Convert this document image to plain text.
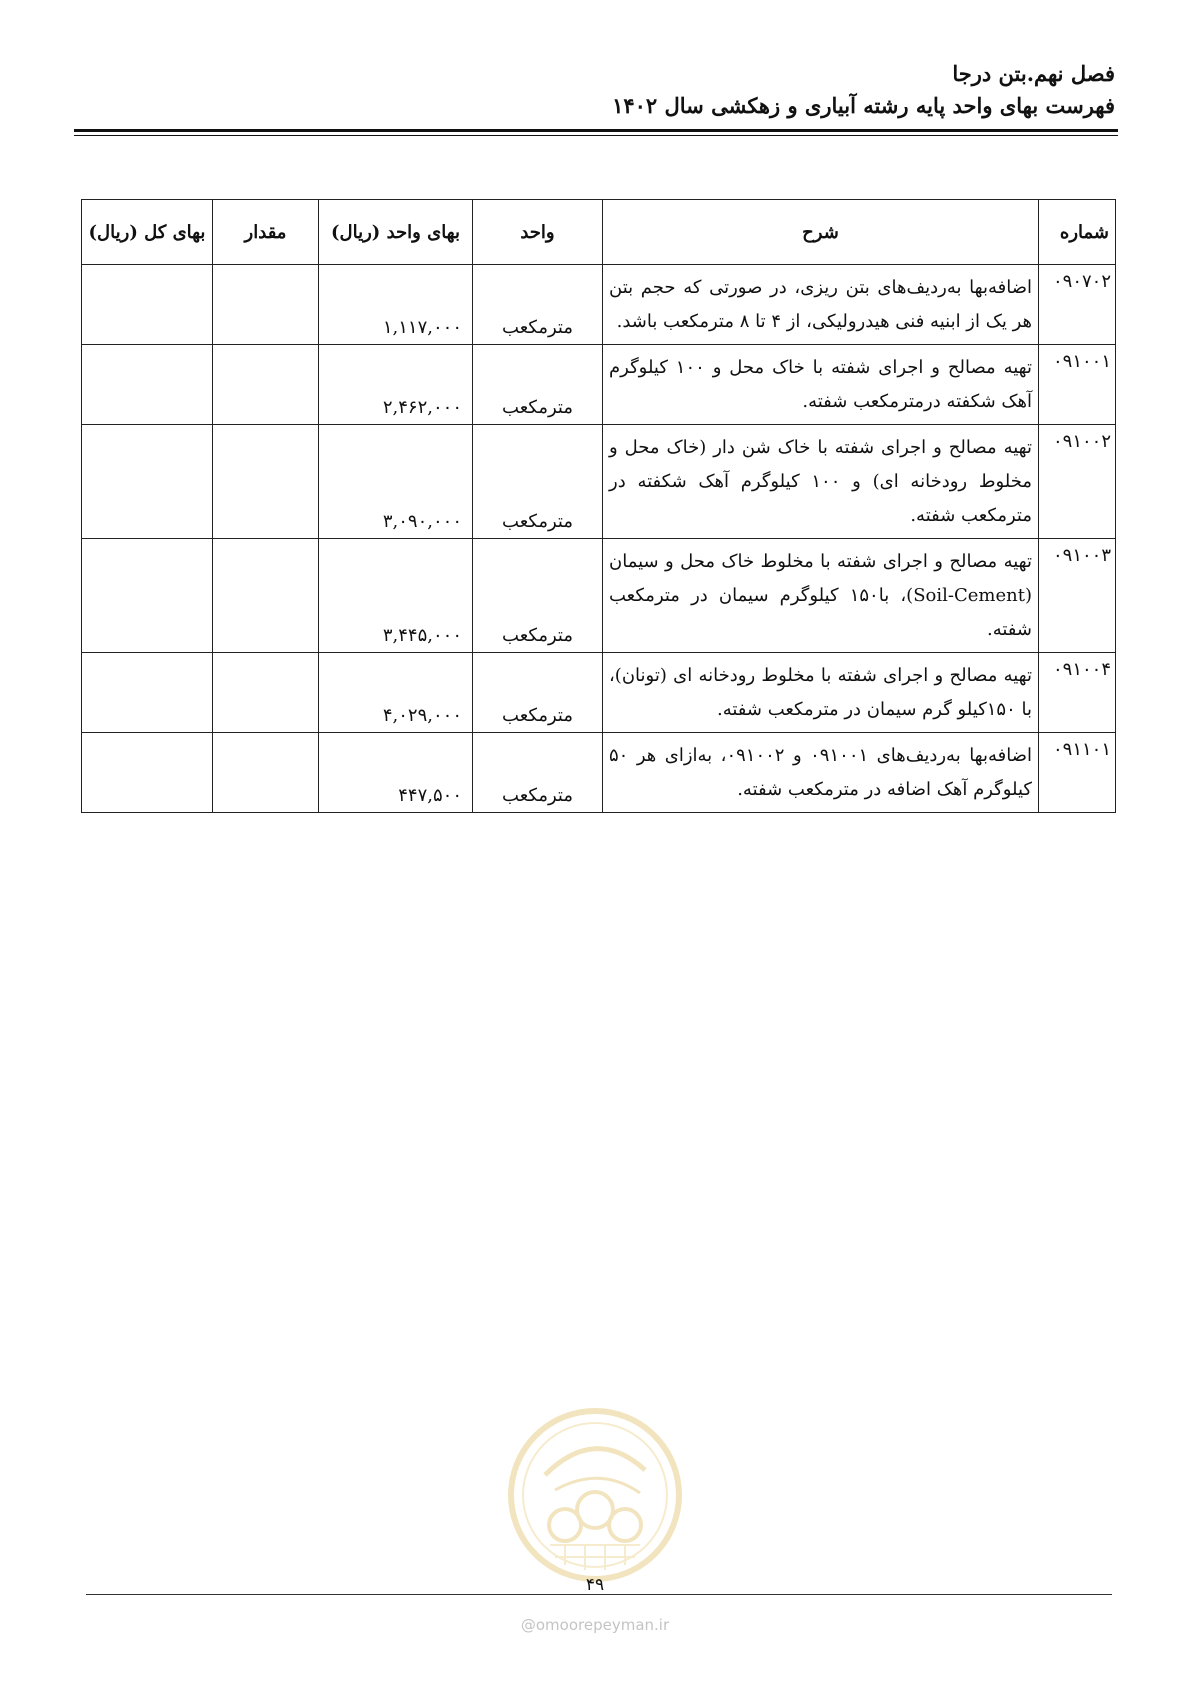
فصل نهم.بتن درجا
فهرست بهای واحد پایه رشته آبیاری و زهکشی سال ۱۴۰۲
شماره	شرح	واحد	بهای واحد (ریال)	مقدار	بهای کل (ریال)
۰۹۰۷۰۲	اضافه‌بها به‌ردیف‌های بتن ریزی، در صورتی که حجم بتن هر یک از ابنیه فنی هیدرولیکی، از ۴ تا ۸ مترمکعب باشد.	مترمکعب	۱,۱۱۷,۰۰۰		
۰۹۱۰۰۱	تهیه مصالح و اجرای شفته با خاک محل و ۱۰۰ کیلوگرم آهک شکفته درمترمکعب شفته.	مترمکعب	۲,۴۶۲,۰۰۰		
۰۹۱۰۰۲	تهیه مصالح و اجرای شفته با خاک شن دار (خاک محل و مخلوط رودخانه ای) و ۱۰۰ کیلوگرم آهک شکفته در مترمکعب شفته.	مترمکعب	۳,۰۹۰,۰۰۰		
۰۹۱۰۰۳	تهیه مصالح و اجرای شفته با مخلوط خاک محل و سیمان (Soil-Cement)، با۱۵۰ کیلوگرم سیمان در مترمکعب شفته.	مترمکعب	۳,۴۴۵,۰۰۰		
۰۹۱۰۰۴	تهیه مصالح و اجرای شفته با مخلوط رودخانه ای (تونان)، با ۱۵۰کیلو گرم سیمان در مترمکعب شفته.	مترمکعب	۴,۰۲۹,۰۰۰		
۰۹۱۱۰۱	اضافه‌بها به‌ردیف‌های ۰۹۱۰۰۱ و ۰۹۱۰۰۲، به‌ازای هر ۵۰ کیلوگرم آهک اضافه در مترمکعب شفته.	مترمکعب	۴۴۷,۵۰۰		
۴۹
@omoorepeyman.ir
